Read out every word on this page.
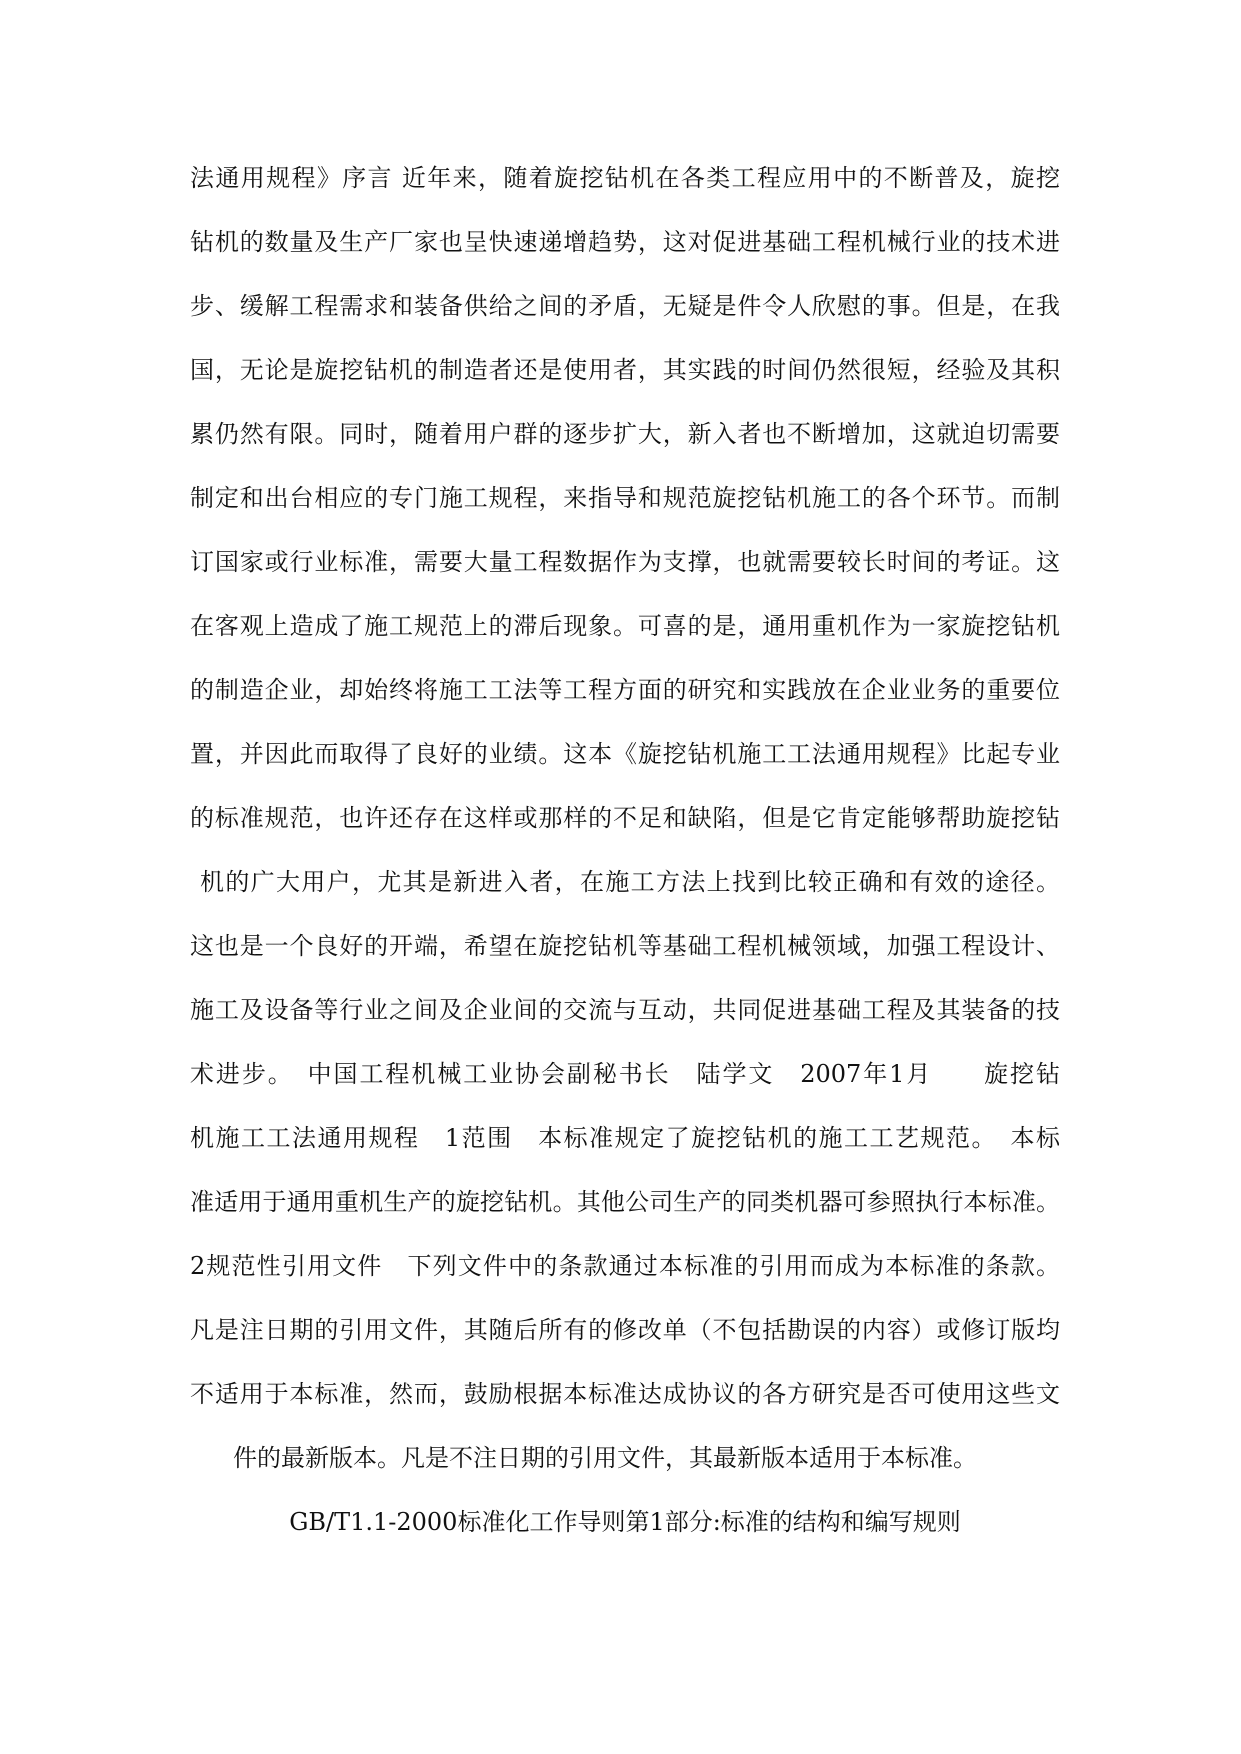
法通用规程》序言 近年来，随着旋挖钻机在各类工程应用中的不断普及，旋挖
钻机的数量及生产厂家也呈快速递增趋势，这对促进基础工程机械行业的技术进
步、缓解工程需求和装备供给之间的矛盾，无疑是件令人欣慰的事。但是，在我
国，无论是旋挖钻机的制造者还是使用者，其实践的时间仍然很短，经验及其积
累仍然有限。同时，随着用户群的逐步扩大，新入者也不断增加，这就迫切需要
制定和出台相应的专门施工规程，来指导和规范旋挖钻机施工的各个环节。而制
订国家或行业标准，需要大量工程数据作为支撑，也就需要较长时间的考证。这
在客观上造成了施工规范上的滞后现象。可喜的是，通用重机作为一家旋挖钻机
的制造企业，却始终将施工工法等工程方面的研究和实践放在企业业务的重要位
置，并因此而取得了良好的业绩。这本《旋挖钻机施工工法通用规程》比起专业
的标准规范，也许还存在这样或那样的不足和缺陷，但是它肯定能够帮助旋挖钻
机的广大用户，尤其是新进入者，在施工方法上找到比较正确和有效的途径。
这也是一个良好的开端，希望在旋挖钻机等基础工程机械领域，加强工程设计、
施工及设备等行业之间及企业间的交流与互动，共同促进基础工程及其装备的技
术进步。　中国工程机械工业协会副秘书长　陆学文　2007年1月　　旋挖钻
机施工工法通用规程　1范围　本标准规定了旋挖钻机的施工工艺规范。　本标
准适用于通用重机生产的旋挖钻机。其他公司生产的同类机器可参照执行本标准。
2规范性引用文件　下列文件中的条款通过本标准的引用而成为本标准的条款。
凡是注日期的引用文件，其随后所有的修改单（不包括勘误的内容）或修订版均
不适用于本标准，然而，鼓励根据本标准达成协议的各方研究是否可使用这些文
件的最新版本。凡是不注日期的引用文件，其最新版本适用于本标准。
GB/T1.1-2000标准化工作导则第1部分:标准的结构和编写规则
